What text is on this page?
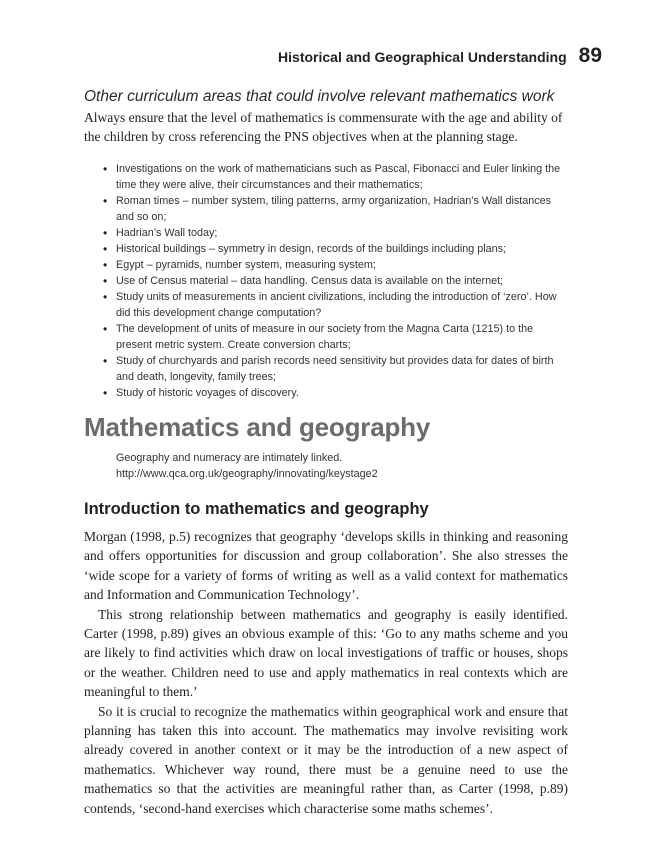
Historical and Geographical Understanding 89
Other curriculum areas that could involve relevant mathematics work
Always ensure that the level of mathematics is commensurate with the age and ability of the children by cross referencing the PNS objectives when at the planning stage.
• Investigations on the work of mathematicians such as Pascal, Fibonacci and Euler linking the time they were alive, their circumstances and their mathematics;
• Roman times – number system, tiling patterns, army organization, Hadrian’s Wall distances and so on;
• Hadrian’s Wall today;
• Historical buildings – symmetry in design, records of the buildings including plans;
• Egypt – pyramids, number system, measuring system;
• Use of Census material – data handling. Census data is available on the internet;
• Study units of measurements in ancient civilizations, including the introduction of ‘zero’. How did this development change computation?
• The development of units of measure in our society from the Magna Carta (1215) to the present metric system. Create conversion charts;
• Study of churchyards and parish records need sensitivity but provides data for dates of birth and death, longevity, family trees;
• Study of historic voyages of discovery.
Mathematics and geography
Geography and numeracy are intimately linked. http://www.qca.org.uk/geography/innovating/keystage2
Introduction to mathematics and geography

Morgan (1998, p.5) recognizes that geography ‘develops skills in thinking and reasoning and offers opportunities for discussion and group collaboration’. She also stresses the ‘wide scope for a variety of forms of writing as well as a valid context for mathematics and Information and Communication Technology’.

This strong relationship between mathematics and geography is easily identified. Carter (1998, p.89) gives an obvious example of this: ‘Go to any maths scheme and you are likely to find activities which draw on local investigations of traffic or houses, shops or the weather. Children need to use and apply mathematics in real contexts which are meaningful to them.’

So it is crucial to recognize the mathematics within geographical work and ensure that planning has taken this into account. The mathematics may involve revisiting work already covered in another context or it may be the introduction of a new aspect of mathematics. Whichever way round, there must be a genuine need to use the mathematics so that the activities are meaningful rather than, as Carter (1998, p.89) contends, ‘second-hand exercises which characterise some maths schemes’.
